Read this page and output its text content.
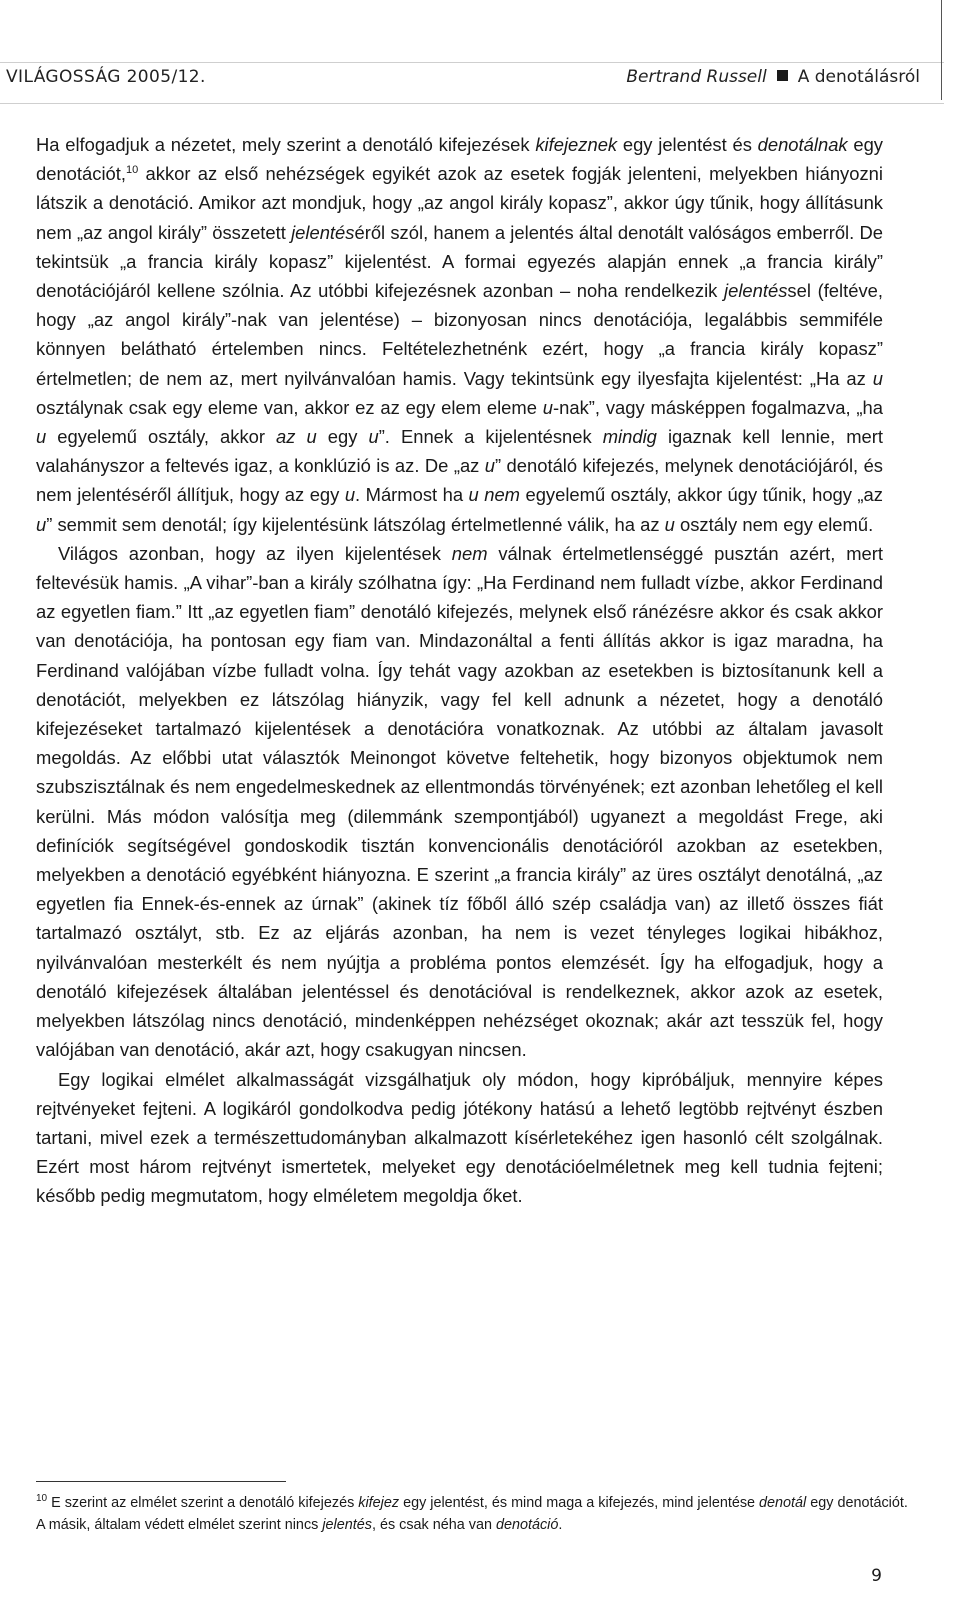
VILÁGOSSÁG 2005/12.	Bertrand Russell A denotálásról

Ha elfogadjuk a nézetet, mely szerint a denotáló kifejezések kifejeznek egy jelentést és denotálnak egy denotációt,$^{10}$ akkor az első nehézségek egyikét azok az esetek fogják jelenteni, melyekben hiányozni látszik a denotáció. Amikor azt mondjuk, hogy „az angol király kopasz”, akkor úgy tűnik, hogy állításunk nem „az angol király” összetett jelentéséről szól, hanem a jelentés által denotált valóságos emberről. De tekintsük „a francia király kopasz” kijelentést. A formai egyezés alapján ennek „a francia király” denotációjáról kellene szólnia. Az utóbbi kifejezésnek azonban – noha rendelkezik jelentéssel (feltéve, hogy „az angol király”-nak van jelentése) – bizonyosan nincs denotációja, legalábbis semmiféle könnyen belátható értelemben nincs. Feltételezhetnénk ezért, hogy „a francia király kopasz” értelmetlen; de nem az, mert nyilvánvalóan hamis. Vagy tekintsünk egy ilyesfajta kijelentést: „Ha az u osztálynak csak egy eleme van, akkor ez az egy elem eleme u-nak”, vagy másképpen fogalmazva, „ha u egyelemű osztály, akkor az u egy u”. Ennek a kijelentésnek mindig igaznak kell lennie, mert valahányszor a feltevés igaz, a konklúzió is az. De „az u” denotáló kifejezés, melynek denotációjáról, és nem jelentéséről állítjuk, hogy az egy u. Mármost ha u nem egyelemű osztály, akkor úgy tűnik, hogy „az u” semmit sem denotál; így kijelentésünk látszólag értelmetlenné válik, ha az u osztály nem egy elemű.

Világos azonban, hogy az ilyen kijelentések nem válnak értelmetlenséggé pusztán azért, mert feltevésük hamis. „A vihar”-ban a király szólhatna így: „Ha Ferdinand nem fulladt vízbe, akkor Ferdinand az egyetlen fiam.” Itt „az egyetlen fiam” denotáló kifejezés, melynek első ránézésre akkor és csak akkor van denotációja, ha pontosan egy fiam van. Mindazonáltal a fenti állítás akkor is igaz maradna, ha Ferdinand valójában vízbe fulladt volna. Így tehát vagy azokban az esetekben is biztosítanunk kell a denotációt, melyekben ez látszólag hiányzik, vagy fel kell adnunk a nézetet, hogy a denotáló kifejezéseket tartalmazó kijelentések a denotációra vonatkoznak. Az utóbbi az általam javasolt megoldás. Az előbbi utat választók Meinongot követve feltehetik, hogy bizonyos objektumok nem szubszisztálnak és nem engedelmeskednek az ellentmondás törvényének; ezt azonban lehetőleg el kell kerülni. Más módon valósítja meg (dilemmánk szempontjából) ugyanezt a megoldást Frege, aki definíciók segítségével gondoskodik tisztán konvencionális denotációról azokban az esetekben, melyekben a denotáció egyébként hiányozna. E szerint „a francia király” az üres osztályt denotálná, „az egyetlen fia Ennek-és-ennek az úrnak” (akinek tíz főből álló szép családja van) az illető összes fiát tartalmazó osztályt, stb. Ez az eljárás azonban, ha nem is vezet tényleges logikai hibákhoz, nyilvánvalóan mesterkélt és nem nyújtja a probléma pontos elemzését. Így ha elfogadjuk, hogy a denotáló kifejezések általában jelentéssel és denotációval is rendelkeznek, akkor azok az esetek, melyekben látszólag nincs denotáció, mindenképpen nehézséget okoznak; akár azt tesszük fel, hogy valójában van denotáció, akár azt, hogy csakugyan nincsen.

Egy logikai elmélet alkalmasságát vizsgálhatjuk oly módon, hogy kipróbáljuk, mennyire képes rejtvényeket fejteni. A logikáról gondolkodva pedig jótékony hatású a lehető legtöbb rejtvényt észben tartani, mivel ezek a természettudományban alkalmazott kísérletekéhez igen hasonló célt szolgálnak. Ezért most három rejtvényt ismertetek, melyeket egy denotációelméletnek meg kell tudnia fejteni; később pedig megmutatom, hogy elméletem megoldja őket.

$^{10}$ E szerint az elmélet szerint a denotáló kifejezés kifejez egy jelentést, és mind maga a kifejezés, mind jelentése denotál egy denotációt. A másik, általam védett elmélet szerint nincs jelentés, és csak néha van denotáció.
9
